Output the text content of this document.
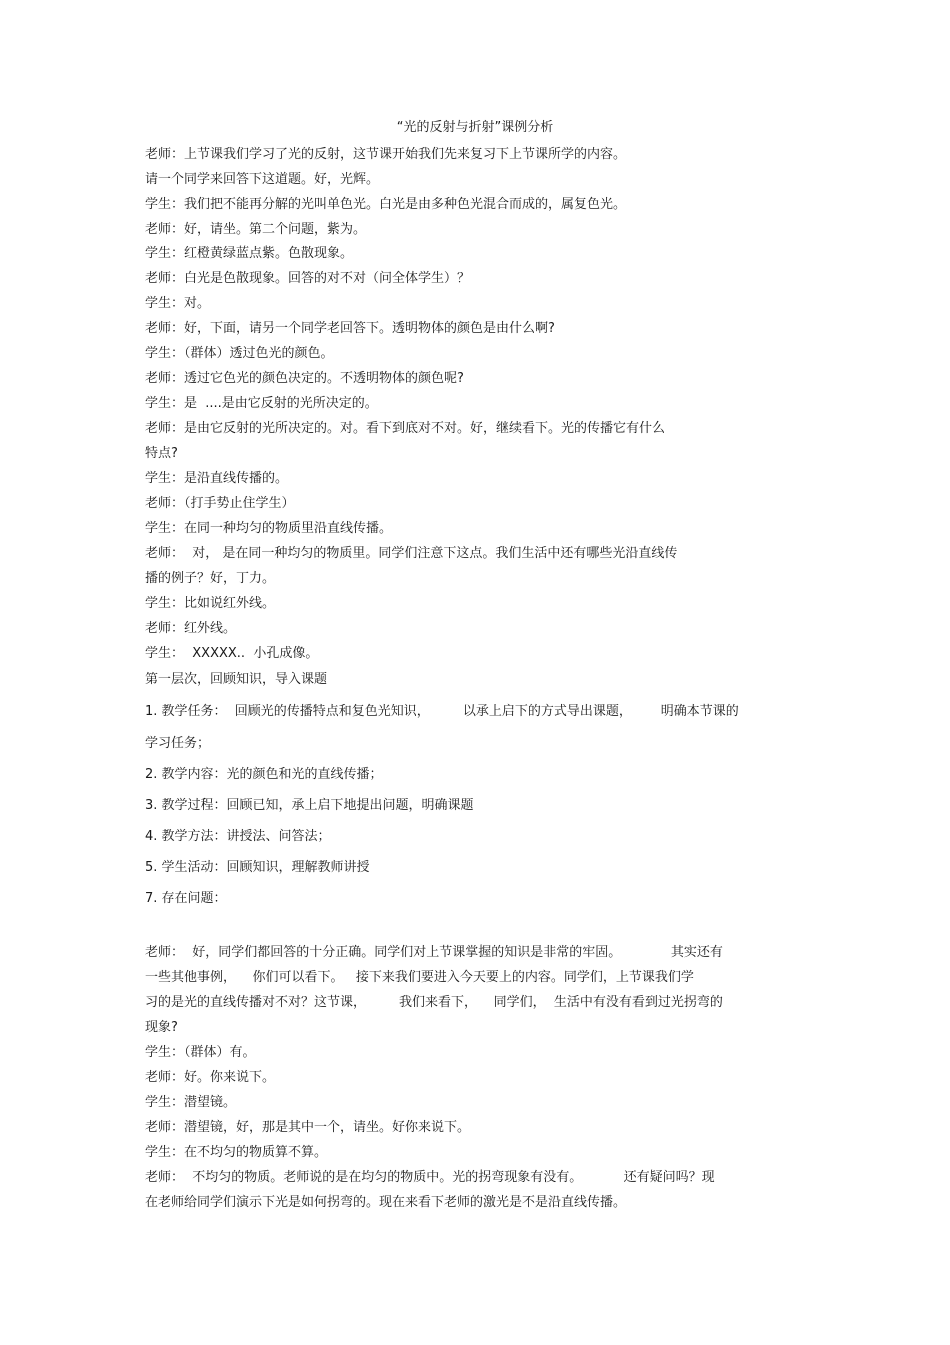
“光的反射与折射”课例分析
老师：上节课我们学习了光的反射，这节课开始我们先来复习下上节课所学的内容。
请一个同学来回答下这道题。好，光辉。
学生：我们把不能再分解的光叫单色光。白光是由多种色光混合而成的，属复色光。
老师：好，请坐。第二个问题，紫为。
学生：红橙黄绿蓝点紫。色散现象。
老师：白光是色散现象。回答的对不对（问全体学生）？
学生：对。
老师：好，下面，请另一个同学老回答下。透明物体的颜色是由什么啊?
学生：（群体）透过色光的颜色。
老师：透过它色光的颜色决定的。不透明物体的颜色呢?
学生：是  ....是由它反射的光所决定的。
老师：是由它反射的光所决定的。对。看下到底对不对。好，继续看下。光的传播它有什么
特点?
学生：是沿直线传播的。
老师：（打手势止住学生）
学生：在同一种均匀的物质里沿直线传播。
老师：  对， 是在同一种均匀的物质里。同学们注意下这点。我们生活中还有哪些光沿直线传
播的例子？好，丁力。
学生：比如说红外线。
老师：红外线。
学生：  XXXXX..  小孔成像。
第一层次，回顾知识，导入课题
1. 教学任务：  回顾光的传播特点和复色光知识，        以承上启下的方式导出课题，       明确本节课的
学习任务；
2. 教学内容：光的颜色和光的直线传播；
3. 教学过程：回顾已知，承上启下地提出问题，明确课题
4. 教学方法：讲授法、问答法；
5. 学生活动：回顾知识，理解教师讲授
7. 存在问题：
老师：  好，同学们都回答的十分正确。同学们对上节课掌握的知识是非常的牢固。            其实还有
一些其他事例，    你们可以看下。   接下来我们要进入今天要上的内容。同学们，上节课我们学
习的是光的直线传播对不对？这节课，        我们来看下，    同学们，  生活中有没有看到过光拐弯的
现象?
学生：（群体）有。
老师：好。你来说下。
学生：潜望镜。
老师：潜望镜，好，那是其中一个，请坐。好你来说下。
学生：在不均匀的物质算不算。
老师：  不均匀的物质。老师说的是在均匀的物质中。光的拐弯现象有没有。          还有疑问吗？现
在老师给同学们演示下光是如何拐弯的。现在来看下老师的激光是不是沿直线传播。
